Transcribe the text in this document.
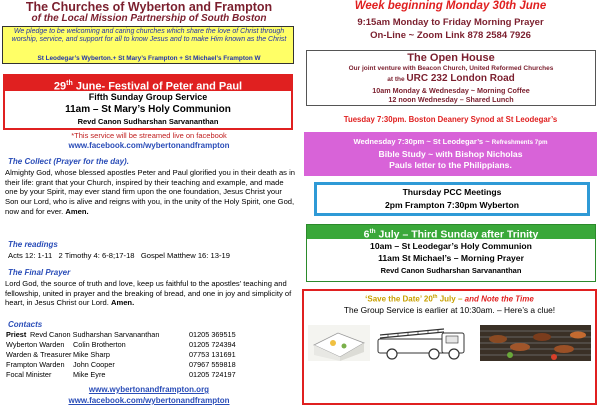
The Churches of Wyberton and Frampton
of the Local Mission Partnership of South Boston
We pledge to be welcoming and caring churches which share the love of Christ through worship, service, and support for all to know Jesus and to make Him known as the Christ
St Leodegar’s Wyberton.+ St Mary’s Frampton + St Michael’s Frampton W
29th June- Festival of Peter and Paul
Fifth Sunday Group Service
11am – St Mary’s Holy Communion
Revd Canon Sudharshan Sarvananthan
*This service will be streamed live on facebook
www.facebook.com/wybertonandframpton
The Collect (Prayer for the day).
Almighty God, whose blessed apostles Peter and Paul glorified you in their death as in their life: grant that your Church, inspired by their teaching and example, and made one by your Spirit, may ever stand firm upon the one foundation, Jesus Christ your Son our Lord, who is alive and reigns with you, in the unity of the Holy Spirit, one God, now and for ever. Amen.
The readings
Acts 12: 1-11 2 Timothy 4: 6-8;17-18 Gospel Matthew 16: 13-19
The Final Prayer
Lord God, the source of truth and love, keep us faithful to the apostles’ teaching and fellowship, united in prayer and the breaking of bread, and one in joy and simplicity of heart, in Jesus Christ our Lord. Amen.
Contacts
Priest Revd Canon Sudharshan Sarvananthan	01205 369515
Wyberton Warden Colin Brotherton	01205 724394
Warden & Treasurer Mike Sharp	07753 131691
Frampton Warden John Cooper	07967 559818
Focal Minister	Mike Eyre	01205 724197
www.wybertonandframpton.org
www.facebook.com/wybertonandframpton
Week beginning Monday 30th June
9:15am Monday to Friday Morning Prayer
On-Line ~ Zoom Link 878 2584 7926
The Open House
Our joint venture with Beacon Church, United Reformed Churches
at the URC 232 London Road
10am Monday & Wednesday ~ Morning Coffee
12 noon Wednesday – Shared Lunch
Tuesday 7:30pm. Boston Deanery Synod at St Leodegar’s
Wednesday 7:30pm ~ St Leodegar’s ~ Refreshments 7pm
Bible Study ~ with Bishop Nicholas
Pauls letter to the Philippians.
Thursday PCC Meetings
2pm Frampton 7:30pm Wyberton
6th July – Third Sunday after Trinity
10am – St Leodegar’s Holy Communion
11am St Michael’s – Morning Prayer
Revd Canon Sudharshan Sarvananthan
‘Save the Date’ 20th July – and Note the Time
The Group Service is earlier at 10:30am. – Here’s a clue!
